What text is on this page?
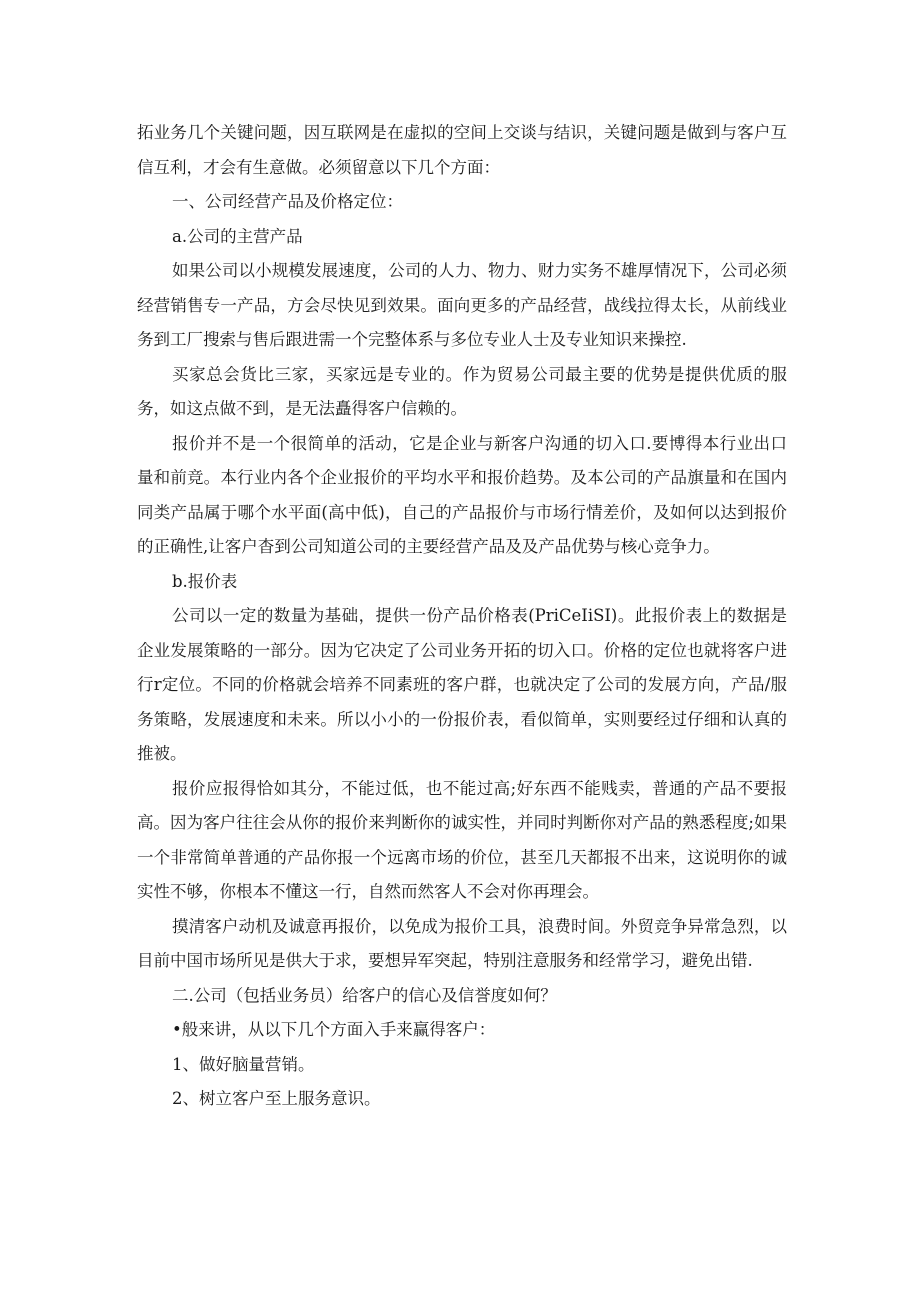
拓业务几个关键问题，因互联网是在虚拟的空间上交谈与结识，关键问题是做到与客户互信互利，才会有生意做。必须留意以下几个方面：

一、公司经营产品及价格定位：

a.公司的主营产品

如果公司以小规模发展速度，公司的人力、物力、财力实务不雄厚情况下，公司必须经营销售专一产品，方会尽快见到效果。面向更多的产品经营，战线拉得太长，从前线业务到工厂搜索与售后跟进需一个完整体系与多位专业人士及专业知识来操控.

买家总会货比三家，买家远是专业的。作为贸易公司最主要的优势是提供优质的服务，如这点做不到，是无法矗得客户信赖的。

报价并不是一个很简单的活动，它是企业与新客户沟通的切入口.要博得本行业出口量和前竞。本行业内各个企业报价的平均水平和报价趋势。及本公司的产品旗量和在国内同类产品属于哪个水平面(高中低)，自己的产品报价与市场行情差价，及如何以达到报价的正确性,让客户杳到公司知道公司的主要经营产品及及产品优势与核心竞争力。

b.报价表

公司以一定的数量为基础，提供一份产品价格表(PriCeIiSI)。此报价表上的数据是企业发展策略的一部分。因为它决定了公司业务开拓的切入口。价格的定位也就将客户进行r定位。不同的价格就会培养不同素班的客户群，也就决定了公司的发展方向，产品/服务策略，发展速度和未来。所以小小的一份报价表，看似简单，实则要经过仔细和认真的推被。

报价应报得恰如其分，不能过低，也不能过高;好东西不能贱卖，普通的产品不要报高。因为客户往往会从你的报价来判断你的诚实性，并同时判断你对产品的熟悉程度;如果一个非常简单普通的产品你报一个远离市场的价位，甚至几天都报不出来，这说明你的诚实性不够，你根本不懂这一行，自然而然客人不会对你再理会。

摸清客户动机及诚意再报价，以免成为报价工具，浪费时间。外贸竞争异常急烈，以目前中国市场所见是供大于求，要想异军突起，特别注意服务和经常学习，避免出错.

二.公司（包括业务员）给客户的信心及信誉度如何？

•般来讲，从以下几个方面入手来赢得客户：

1、做好脑量营销。

2、树立客户至上服务意识。
